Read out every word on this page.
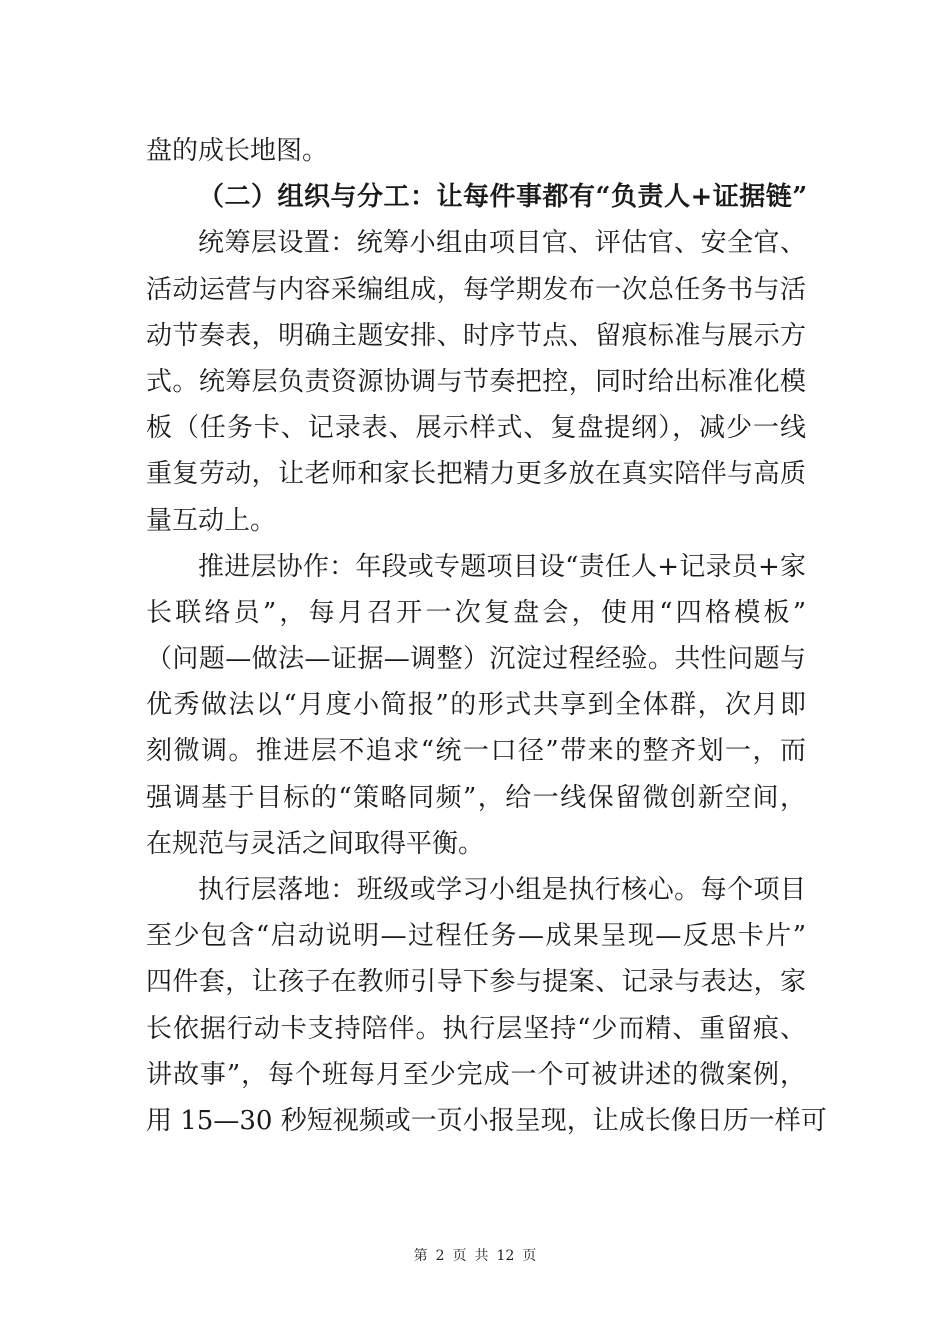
盘的成长地图。
（二）组织与分工：让每件事都有“负责人+证据链”
统筹层设置：统筹小组由项目官、评估官、安全官、
活动运营与内容采编组成，每学期发布一次总任务书与活
动节奏表，明确主题安排、时序节点、留痕标准与展示方
式。统筹层负责资源协调与节奏把控，同时给出标准化模
板（任务卡、记录表、展示样式、复盘提纲），减少一线
重复劳动，让老师和家长把精力更多放在真实陪伴与高质
量互动上。
推进层协作：年段或专题项目设“责任人+记录员+家
长联络员”，每月召开一次复盘会，使用“四格模板”
（问题—做法—证据—调整）沉淀过程经验。共性问题与
优秀做法以“月度小简报”的形式共享到全体群，次月即
刻微调。推进层不追求“统一口径”带来的整齐划一，而
强调基于目标的“策略同频”，给一线保留微创新空间，
在规范与灵活之间取得平衡。
执行层落地：班级或学习小组是执行核心。每个项目
至少包含“启动说明—过程任务—成果呈现—反思卡片”
四件套，让孩子在教师引导下参与提案、记录与表达，家
长依据行动卡支持陪伴。执行层坚持“少而精、重留痕、
讲故事”，每个班每月至少完成一个可被讲述的微案例，
用 15—30 秒短视频或一页小报呈现，让成长像日历一样可
第 2 页 共 12 页
